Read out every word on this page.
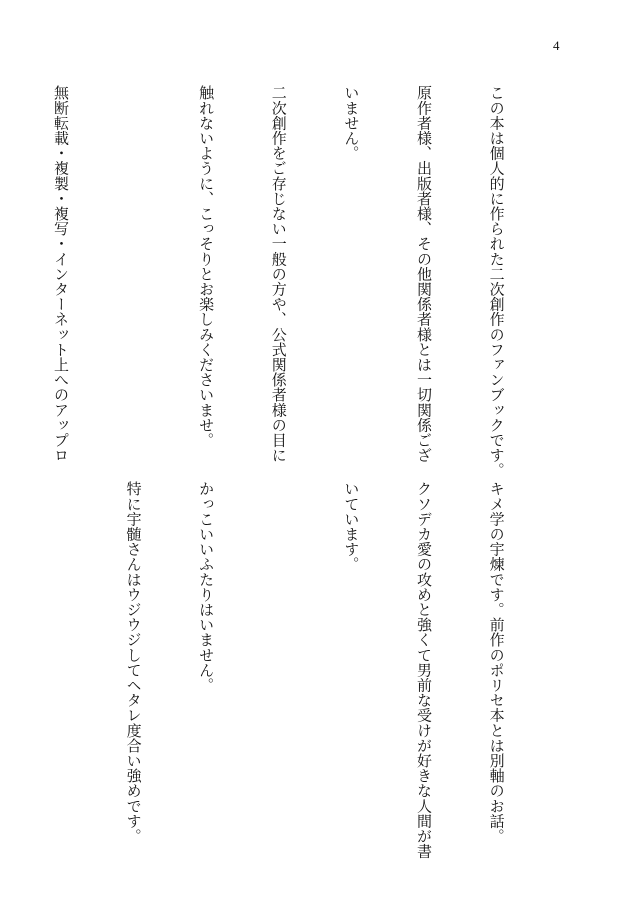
4

この本は個人的に作られた二次創作のファンブックです。

原作者様、出版者様、その他関係者様とは一切関係ござ

いません。

二次創作をご存じない一般の方や、公式関係者様の目に

触れないように、こっそりとお楽しみくださいませ。

無断転載・複製・複写・インターネット上へのアップロ

キメ学の宇煉です。前作のポリセ本とは別軸のお話。

クソデカ愛の攻めと強くて男前な受けが好きな人間が書

いています。

かっこいいふたりはいません。

特に宇髄さんはウジウジしてヘタレ度合い強めです。
